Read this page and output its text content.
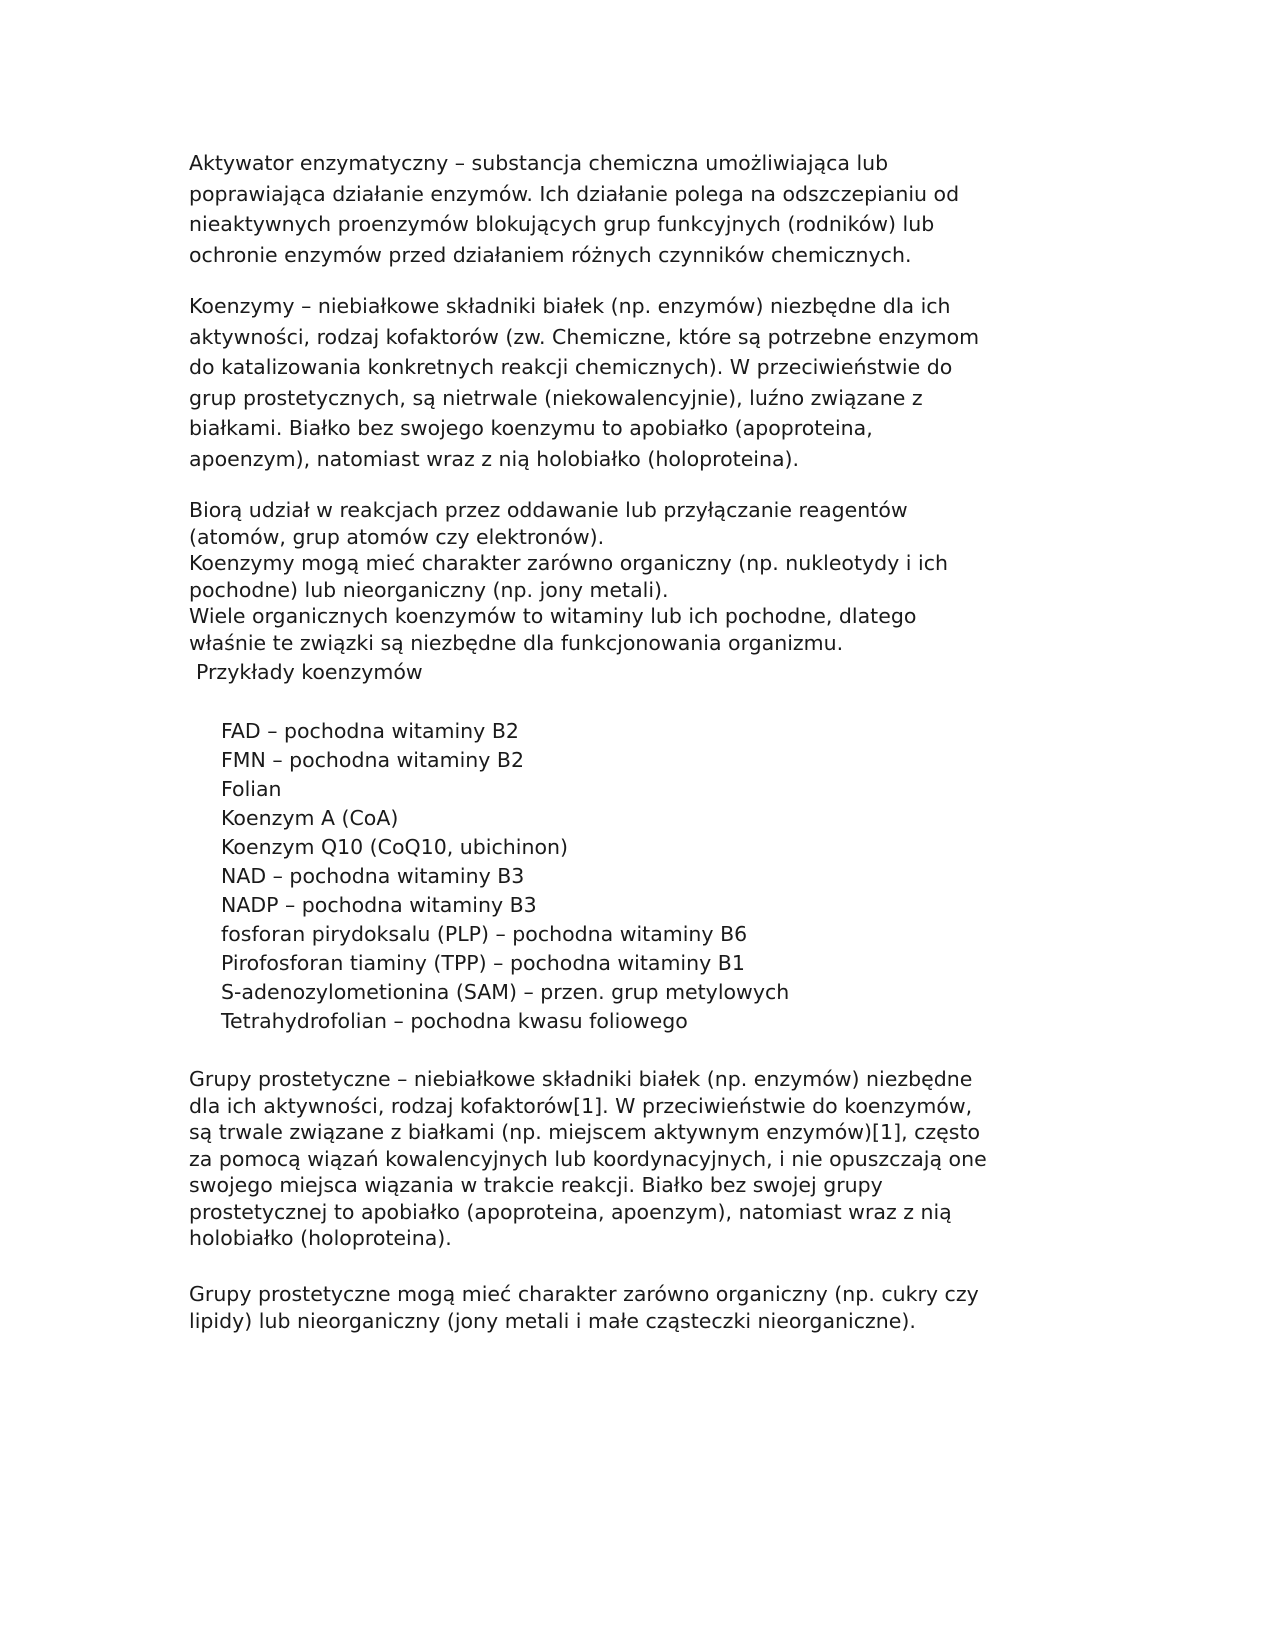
Aktywator enzymatyczny – substancja chemiczna umożliwiająca lub
poprawiająca działanie enzymów. Ich działanie polega na odszczepianiu od
nieaktywnych proenzymów blokujących grup funkcyjnych (rodników) lub
ochronie enzymów przed działaniem różnych czynników chemicznych.

Koenzymy – niebiałkowe składniki białek (np. enzymów) niezbędne dla ich
aktywności, rodzaj kofaktorów (zw. Chemiczne, które są potrzebne enzymom
do katalizowania konkretnych reakcji chemicznych). W przeciwieństwie do
grup prostetycznych, są nietrwale (niekowalencyjnie), luźno związane z
białkami. Białko bez swojego koenzymu to apobiałko (apoproteina,
apoenzym), natomiast wraz z nią holobiałko (holoproteina).

Biorą udział w reakcjach przez oddawanie lub przyłączanie reagentów
(atomów, grup atomów czy elektronów).
Koenzymy mogą mieć charakter zarówno organiczny (np. nukleotydy i ich
pochodne) lub nieorganiczny (np. jony metali).
Wiele organicznych koenzymów to witaminy lub ich pochodne, dlatego
właśnie te związki są niezbędne dla funkcjonowania organizmu.

Przykłady koenzymów
FAD – pochodna witaminy B2
FMN – pochodna witaminy B2
Folian
Koenzym A (CoA)
Koenzym Q10 (CoQ10, ubichinon)
NAD – pochodna witaminy B3
NADP – pochodna witaminy B3
fosforan pirydoksalu (PLP) – pochodna witaminy B6
Pirofosforan tiaminy (TPP) – pochodna witaminy B1
S-adenozylometionina (SAM) – przen. grup metylowych
Tetrahydrofolian – pochodna kwasu foliowego

Grupy prostetyczne – niebiałkowe składniki białek (np. enzymów) niezbędne
dla ich aktywności, rodzaj kofaktorów[1]. W przeciwieństwie do koenzymów,
są trwale związane z białkami (np. miejscem aktywnym enzymów)[1], często
za pomocą wiązań kowalencyjnych lub koordynacyjnych, i nie opuszczają one
swojego miejsca wiązania w trakcie reakcji. Białko bez swojej grupy
prostetycznej to apobiałko (apoproteina, apoenzym), natomiast wraz z nią
holobiałko (holoproteina).

Grupy prostetyczne mogą mieć charakter zarówno organiczny (np. cukry czy
lipidy) lub nieorganiczny (jony metali i małe cząsteczki nieorganiczne).
